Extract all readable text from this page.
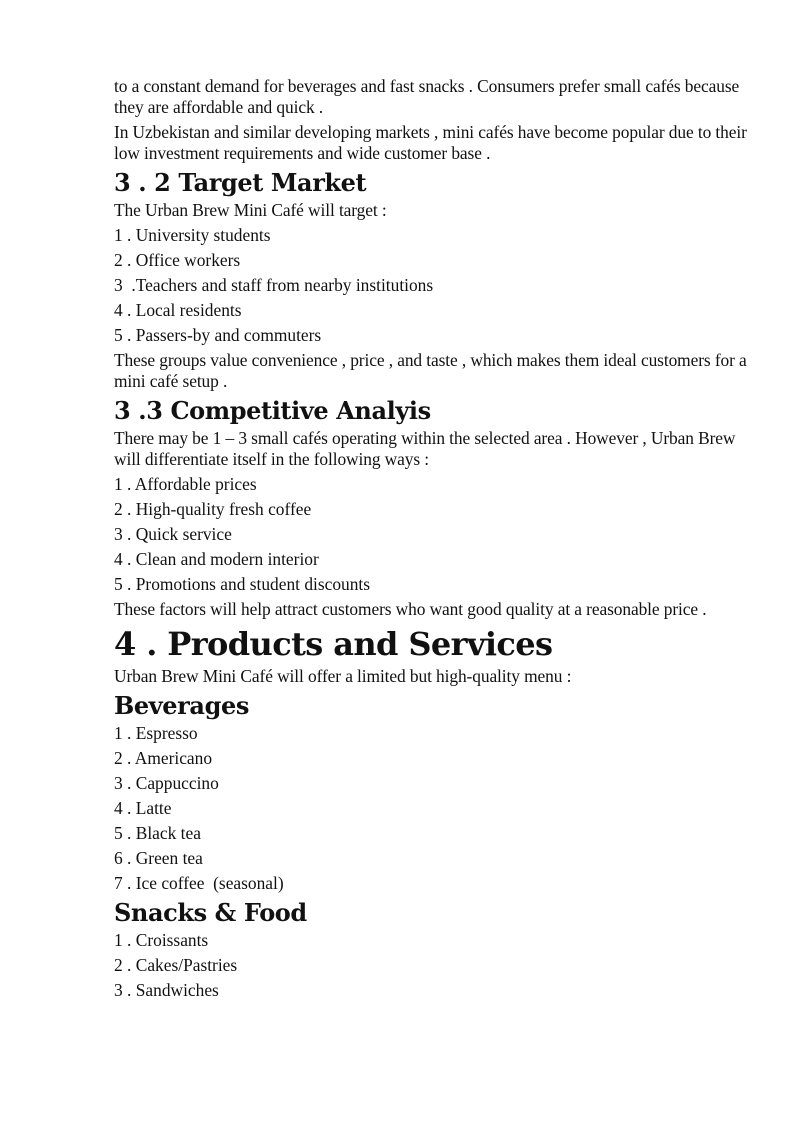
to a constant demand for beverages and fast snacks . Consumers prefer small cafés because they are affordable and quick .

In Uzbekistan and similar developing markets , mini cafés have become popular due to their low investment requirements and wide customer base .

3 . 2 Target Market

The Urban Brew Mini Café will target :

1 . University students
2 . Office workers
3  .Teachers and staff from nearby institutions
4 . Local residents
5 . Passers-by and commuters

These groups value convenience , price , and taste , which makes them ideal customers for a mini café setup .

3 .3 Competitive Analyis

There may be 1 – 3 small cafés operating within the selected area . However , Urban Brew will differentiate itself in the following ways :

1 . Affordable prices
2 . High-quality fresh coffee
3 . Quick service
4 . Clean and modern interior
5 . Promotions and student discounts

These factors will help attract customers who want good quality at a reasonable price .

4 . Products and Services

Urban Brew Mini Café will offer a limited but high-quality menu :

Beverages
1 . Espresso
2 . Americano
3 . Cappuccino
4 . Latte
5 . Black tea
6 . Green tea
7 . Ice coffee  (seasonal)
Snacks & Food
1 . Croissants
2 . Cakes/Pastries
3 . Sandwiches
